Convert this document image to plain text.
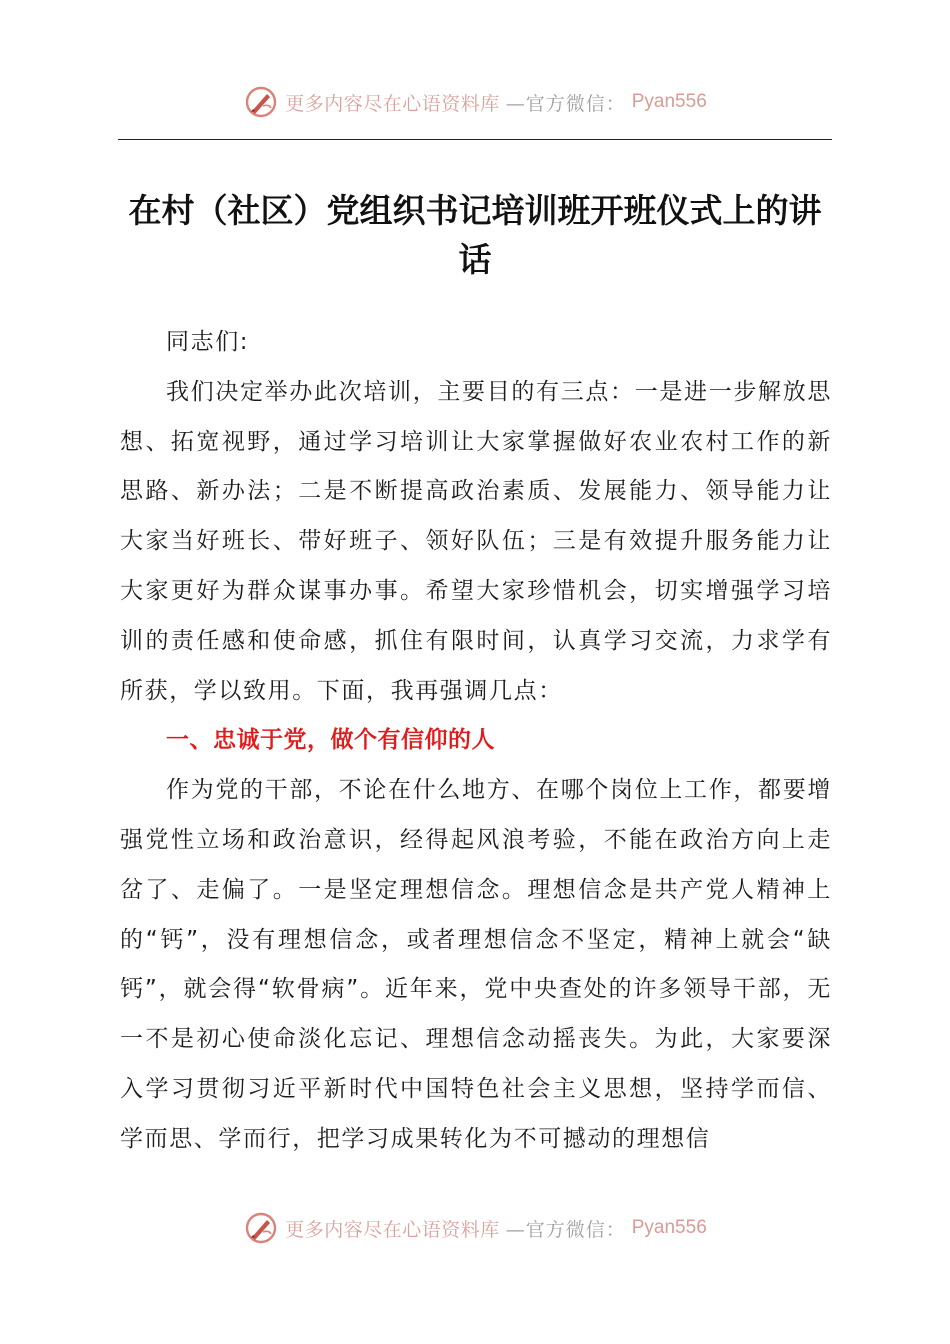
更多内容尽在心语资料库 —官方微信： Pyan556
在村（社区）党组织书记培训班开班仪式上的讲话

同志们:

我们决定举办此次培训，主要目的有三点：一是进一步解放思想、拓宽视野，通过学习培训让大家掌握做好农业农村工作的新思路、新办法；二是不断提高政治素质、发展能力、领导能力让大家当好班长、带好班子、领好队伍；三是有效提升服务能力让大家更好为群众谋事办事。希望大家珍惜机会，切实增强学习培训的责任感和使命感，抓住有限时间，认真学习交流，力求学有所获，学以致用。下面，我再强调几点：

一、忠诚于党，做个有信仰的人

作为党的干部，不论在什么地方、在哪个岗位上工作，都要增强党性立场和政治意识，经得起风浪考验，不能在政治方向上走岔了、走偏了。一是坚定理想信念。理想信念是共产党人精神上的“钙”，没有理想信念，或者理想信念不坚定，精神上就会“缺钙”，就会得“软骨病”。近年来，党中央查处的许多领导干部，无一不是初心使命淡化忘记、理想信念动摇丧失。为此，大家要深入学习贯彻习近平新时代中国特色社会主义思想，坚持学而信、学而思、学而行，把学习成果转化为不可撼动的理想信

更多内容尽在心语资料库 —官方微信： Pyan556
